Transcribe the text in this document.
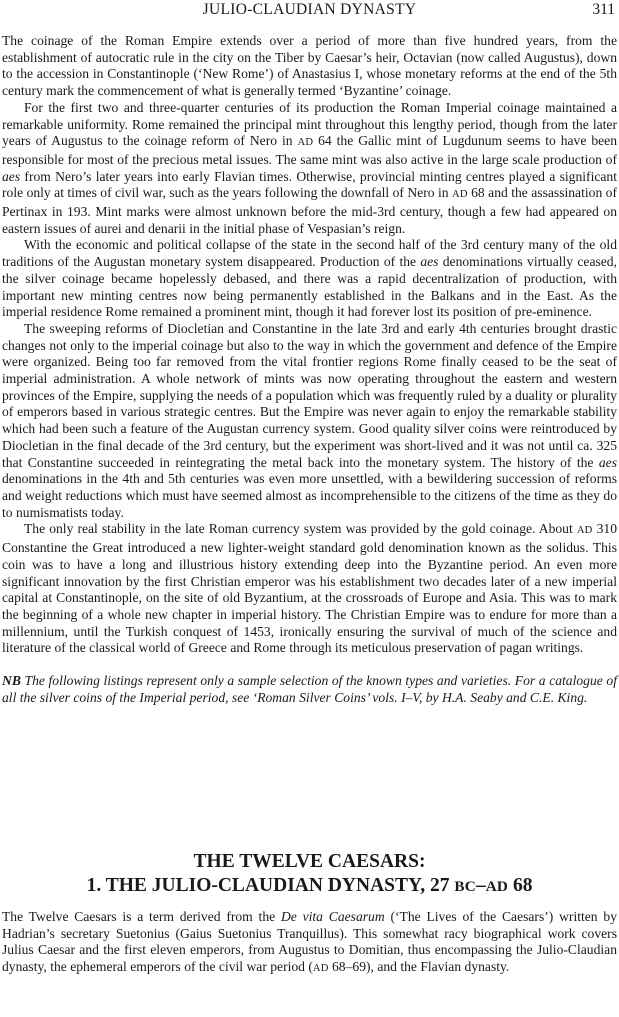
JULIO-CLAUDIAN DYNASTY	311

The coinage of the Roman Empire extends over a period of more than five hundred years, from the establishment of autocratic rule in the city on the Tiber by Caesar’s heir, Octavian (now called Augustus), down to the accession in Constantinople (‘New Rome’) of Anastasius I, whose monetary reforms at the end of the 5th century mark the commencement of what is generally termed ‘Byzantine’ coinage.

For the first two and three-quarter centuries of its production the Roman Imperial coinage maintained a remarkable uniformity. Rome remained the principal mint throughout this lengthy period, though from the later years of Augustus to the coinage reform of Nero in AD 64 the Gallic mint of Lugdunum seems to have been responsible for most of the precious metal issues. The same mint was also active in the large scale production of aes from Nero’s later years into early Flavian times. Otherwise, provincial minting centres played a significant role only at times of civil war, such as the years following the downfall of Nero in AD 68 and the assassination of Pertinax in 193. Mint marks were almost unknown before the mid-3rd century, though a few had appeared on eastern issues of aurei and denarii in the initial phase of Vespasian’s reign.

With the economic and political collapse of the state in the second half of the 3rd century many of the old traditions of the Augustan monetary system disappeared. Production of the aes denominations virtually ceased, the silver coinage became hopelessly debased, and there was a rapid decentralization of production, with important new minting centres now being permanently established in the Balkans and in the East. As the imperial residence Rome remained a prominent mint, though it had forever lost its position of pre-eminence.

The sweeping reforms of Diocletian and Constantine in the late 3rd and early 4th centuries brought drastic changes not only to the imperial coinage but also to the way in which the government and defence of the Empire were organized. Being too far removed from the vital frontier regions Rome finally ceased to be the seat of imperial administration. A whole network of mints was now operating throughout the eastern and western provinces of the Empire, supplying the needs of a population which was frequently ruled by a duality or plurality of emperors based in various strategic centres. But the Empire was never again to enjoy the remarkable stability which had been such a feature of the Augustan currency system. Good quality silver coins were reintroduced by Diocletian in the final decade of the 3rd century, but the experiment was short-lived and it was not until ca. 325 that Constantine succeeded in reintegrating the metal back into the monetary system. The history of the aes denominations in the 4th and 5th centuries was even more unsettled, with a bewildering succession of reforms and weight reductions which must have seemed almost as incomprehensible to the citizens of the time as they do to numismatists today.

The only real stability in the late Roman currency system was provided by the gold coinage. About AD 310 Constantine the Great introduced a new lighter-weight standard gold denomination known as the solidus. This coin was to have a long and illustrious history extending deep into the Byzantine period. An even more significant innovation by the first Christian emperor was his establishment two decades later of a new imperial capital at Constantinople, on the site of old Byzantium, at the crossroads of Europe and Asia. This was to mark the beginning of a whole new chapter in imperial history. The Christian Empire was to endure for more than a millennium, until the Turkish conquest of 1453, ironically ensuring the survival of much of the science and literature of the classical world of Greece and Rome through its meticulous preservation of pagan writings.

NB The following listings represent only a sample selection of the known types and varieties. For a catalogue of all the silver coins of the Imperial period, see ‘Roman Silver Coins’ vols. I–V, by H.A. Seaby and C.E. King.

THE TWELVE CAESARS:
1. THE JULIO-CLAUDIAN DYNASTY, 27 BC–AD 68

The Twelve Caesars is a term derived from the De vita Caesarum (‘The Lives of the Caesars’) written by Hadrian’s secretary Suetonius (Gaius Suetonius Tranquillus). This somewhat racy biographical work covers Julius Caesar and the first eleven emperors, from Augustus to Domitian, thus encompassing the Julio-Claudian dynasty, the ephemeral emperors of the civil war period (AD 68–69), and the Flavian dynasty.
